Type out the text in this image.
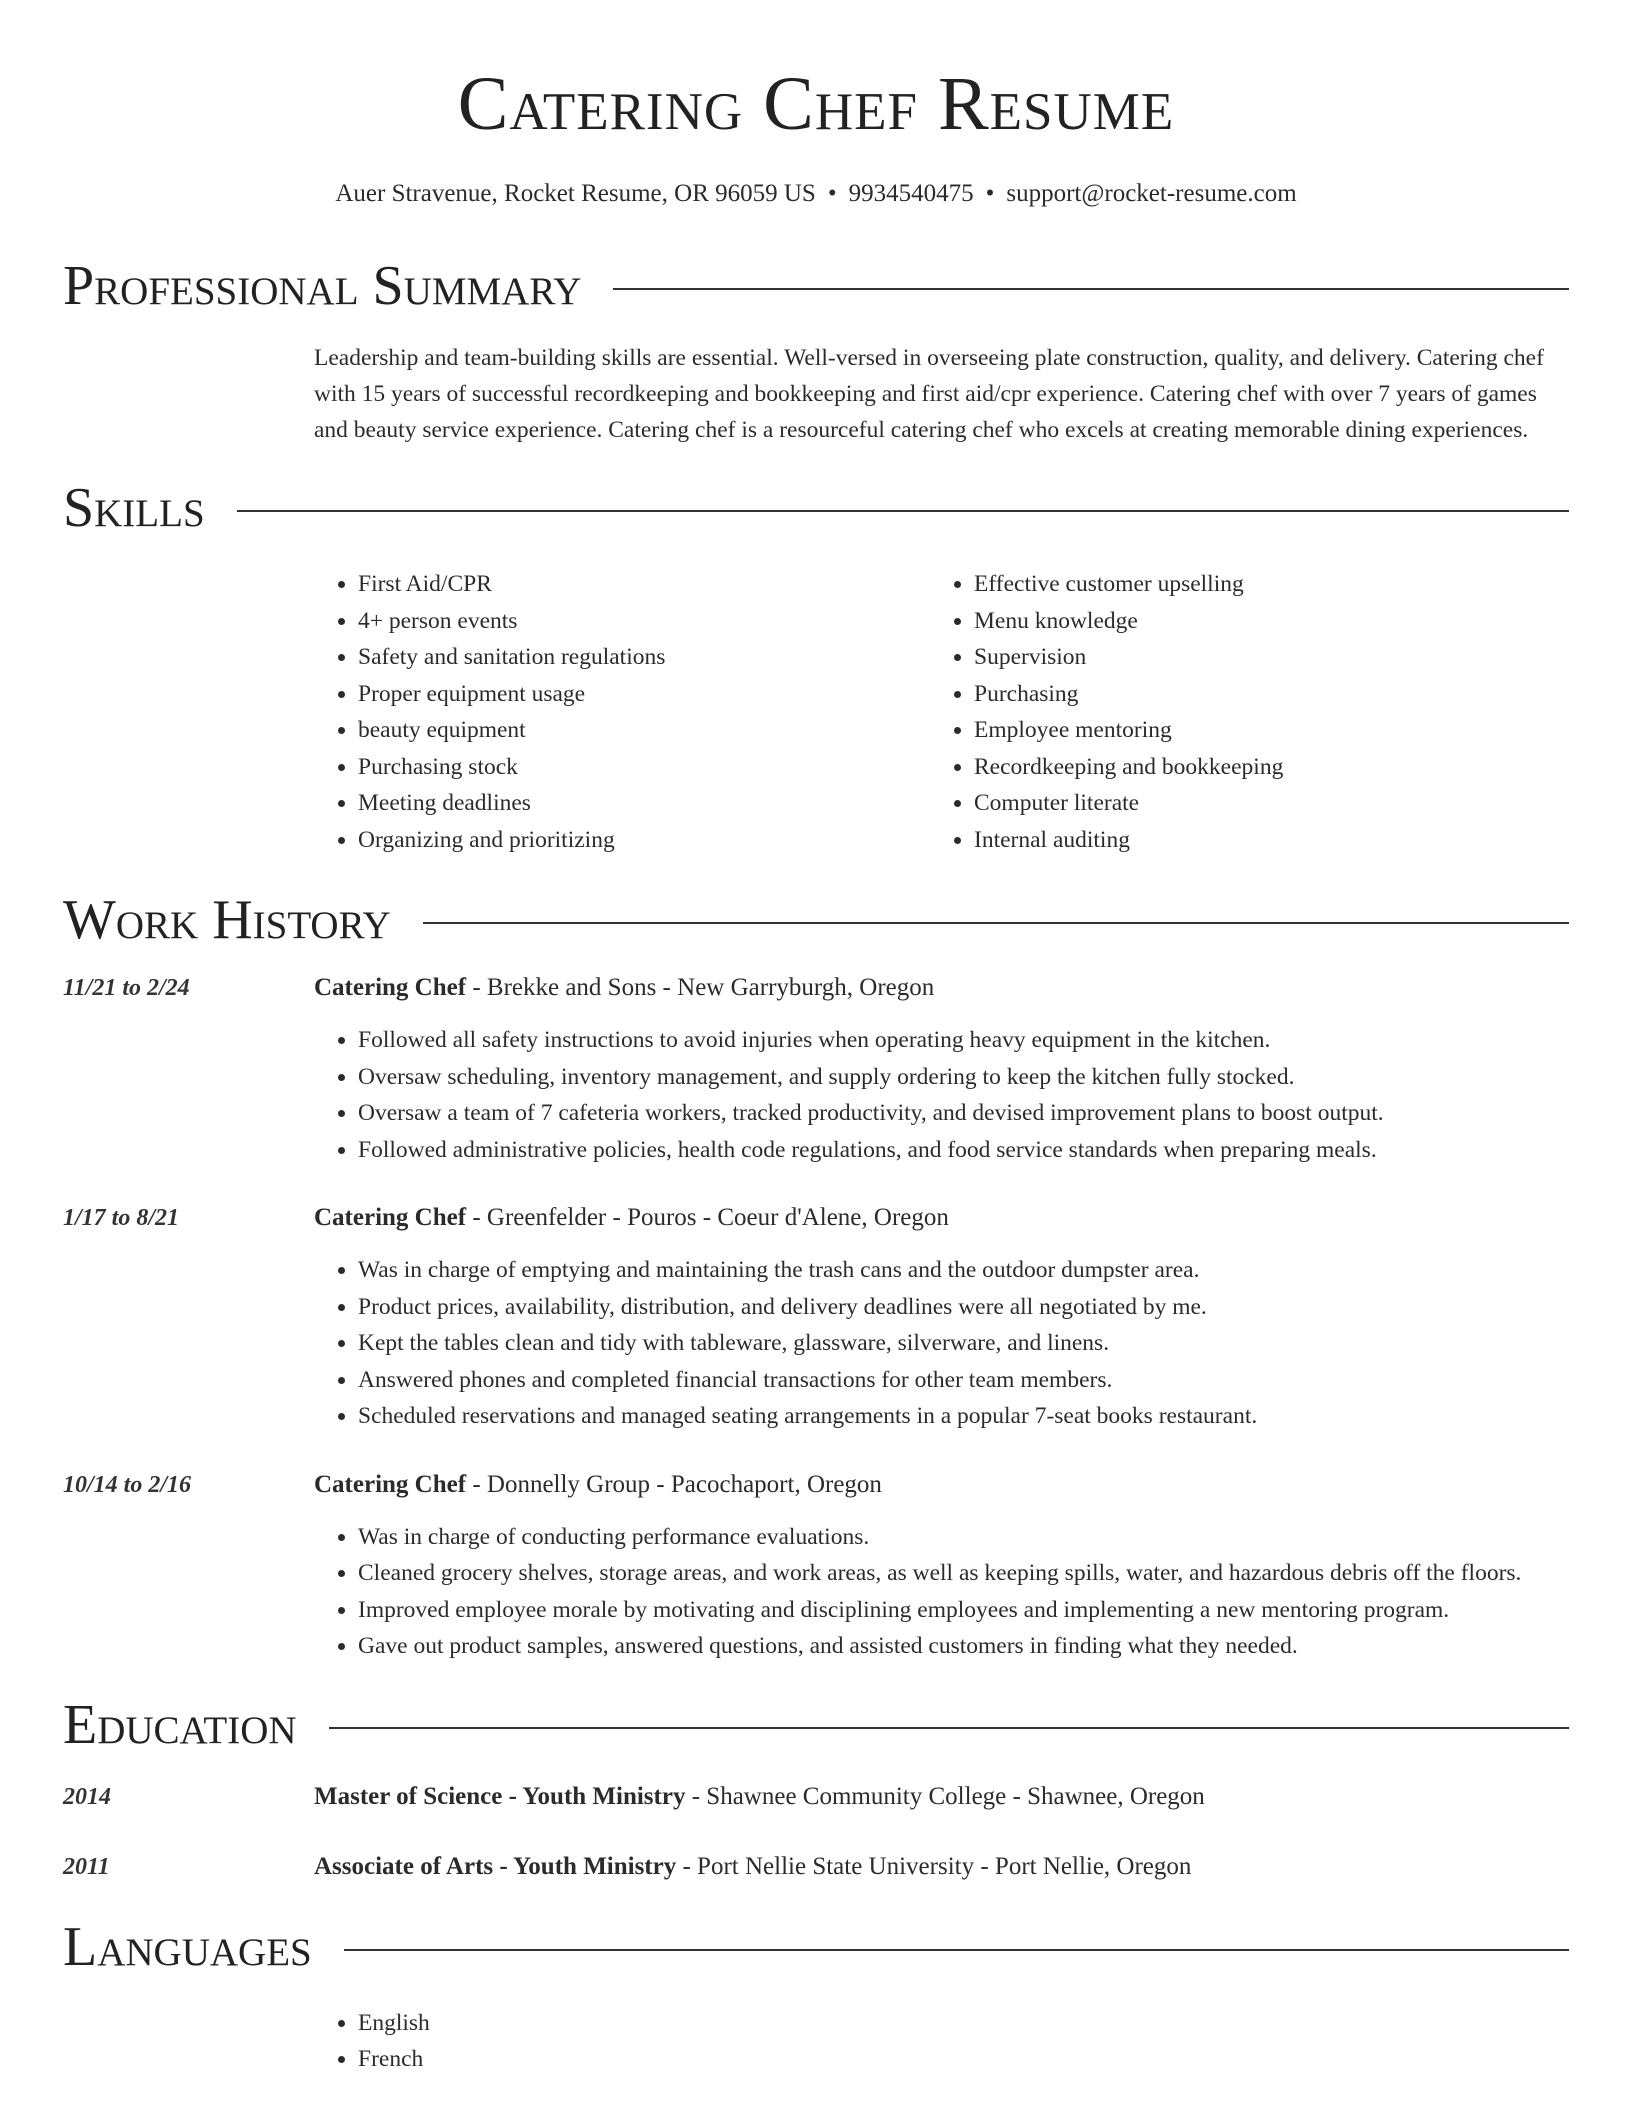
Catering Chef Resume
Auer Stravenue, Rocket Resume, OR 96059 US • 9934540475 • support@rocket-resume.com
Professional Summary
Leadership and team-building skills are essential. Well-versed in overseeing plate construction, quality, and delivery. Catering chef with 15 years of successful recordkeeping and bookkeeping and first aid/cpr experience. Catering chef with over 7 years of games and beauty service experience. Catering chef is a resourceful catering chef who excels at creating memorable dining experiences.
Skills
• First Aid/CPR
• 4+ person events
• Safety and sanitation regulations
• Proper equipment usage
• beauty equipment
• Purchasing stock
• Meeting deadlines
• Organizing and prioritizing
• Effective customer upselling
• Menu knowledge
• Supervision
• Purchasing
• Employee mentoring
• Recordkeeping and bookkeeping
• Computer literate
• Internal auditing
Work History
11/21 to 2/24	Catering Chef - Brekke and Sons - New Garryburgh, Oregon
• Followed all safety instructions to avoid injuries when operating heavy equipment in the kitchen.
• Oversaw scheduling, inventory management, and supply ordering to keep the kitchen fully stocked.
• Oversaw a team of 7 cafeteria workers, tracked productivity, and devised improvement plans to boost output.
• Followed administrative policies, health code regulations, and food service standards when preparing meals.
1/17 to 8/21	Catering Chef - Greenfelder - Pouros - Coeur d'Alene, Oregon
• Was in charge of emptying and maintaining the trash cans and the outdoor dumpster area.
• Product prices, availability, distribution, and delivery deadlines were all negotiated by me.
• Kept the tables clean and tidy with tableware, glassware, silverware, and linens.
• Answered phones and completed financial transactions for other team members.
• Scheduled reservations and managed seating arrangements in a popular 7-seat books restaurant.
10/14 to 2/16	Catering Chef - Donnelly Group - Pacochaport, Oregon
• Was in charge of conducting performance evaluations.
• Cleaned grocery shelves, storage areas, and work areas, as well as keeping spills, water, and hazardous debris off the floors.
• Improved employee morale by motivating and disciplining employees and implementing a new mentoring program.
• Gave out product samples, answered questions, and assisted customers in finding what they needed.
Education
2014	Master of Science - Youth Ministry - Shawnee Community College - Shawnee, Oregon
2011	Associate of Arts - Youth Ministry - Port Nellie State University - Port Nellie, Oregon
Languages
• English
• French
